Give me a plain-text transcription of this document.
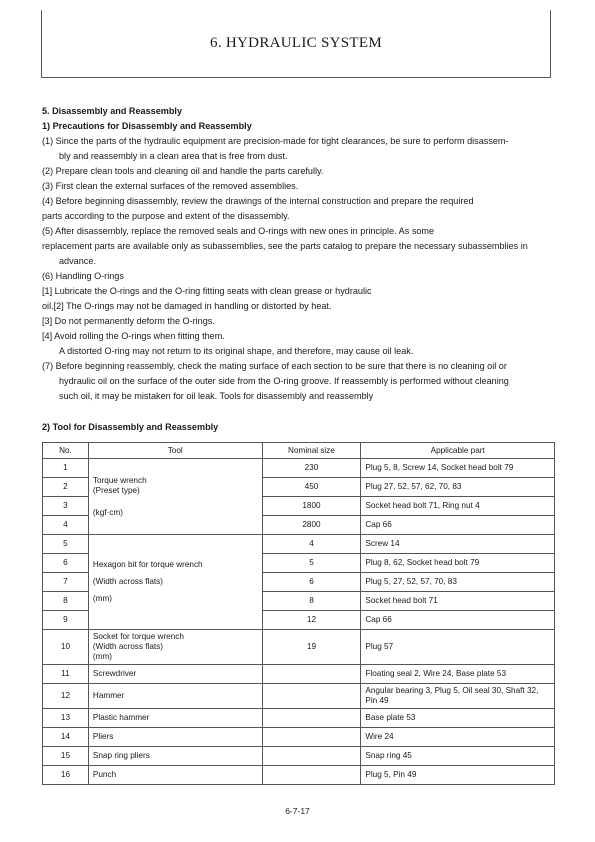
6. HYDRAULIC SYSTEM

5. Disassembly and Reassembly

1) Precautions for Disassembly and Reassembly

(1) Since the parts of the hydraulic equipment are precision-made for tight clearances, be sure to perform disassem-

bly and reassembly in a clean area that is free from dust.

(2) Prepare clean tools and cleaning oil and handle the parts carefully.

(3) First clean the external surfaces of the removed assemblies.

(4) Before beginning disassembly, review the drawings of the internal construction and prepare the required

parts according to the purpose and extent of the disassembly.

(5) After disassembly, replace the removed seals and O-rings with new ones in principle. As some

replacement parts are available only as subassemblies, see the parts catalog to prepare the necessary subassemblies in

advance.

(6) Handling O-rings

[1] Lubricate the O-rings and the O-ring fitting seats with clean grease or hydraulic

oil.[2] The O-rings may not be damaged in handling or distorted by heat.

[3] Do not permanently deform the O-rings.

[4] Avoid rolling the O-rings when fitting them.

A distorted O-ring may not return to its original shape, and therefore, may cause oil leak.

(7) Before beginning reassembly, check the mating surface of each section to be sure that there is no cleaning oil or

hydraulic oil on the surface of the outer side from the O-ring groove. If reassembly is performed without cleaning

such oil, it may be mistaken for oil leak. Tools for disassembly and reassembly

2) Tool for Disassembly and Reassembly

No.	Tool	Nominal size	Applicable part
1	Torque wrench
(Preset type)
(kgf·cm)	230	Plug 5, 8, Screw 14, Socket head bolt 79
2		450	Plug 27, 52, 57, 62, 70, 83
3		1800	Socket head bolt 71, Ring nut 4
4		2800	Cap 66
5	Hexagon bit for torque wrench
(Width across flats)
(mm)	4	Screw 14
6		5	Plug 8, 62, Socket head bolt 79
7		6	Plug 5, 27, 52, 57, 70, 83
8		8	Socket head bolt 71
9		12	Cap 66
10	Socket for torque wrench
(Width across flats)
(mm)	19	Plug 57
11	Screwdriver		Floating seal 2, Wire 24, Base plate 53
12	Hammer		Angular bearing 3, Plug 5, Oil seal 30, Shaft 32, Pin 49
13	Plastic hammer		Base plate 53
14	Pliers		Wire 24
15	Snap ring pliers		Snap ring 45
16	Punch		Plug 5, Pin 49
6-7-17
